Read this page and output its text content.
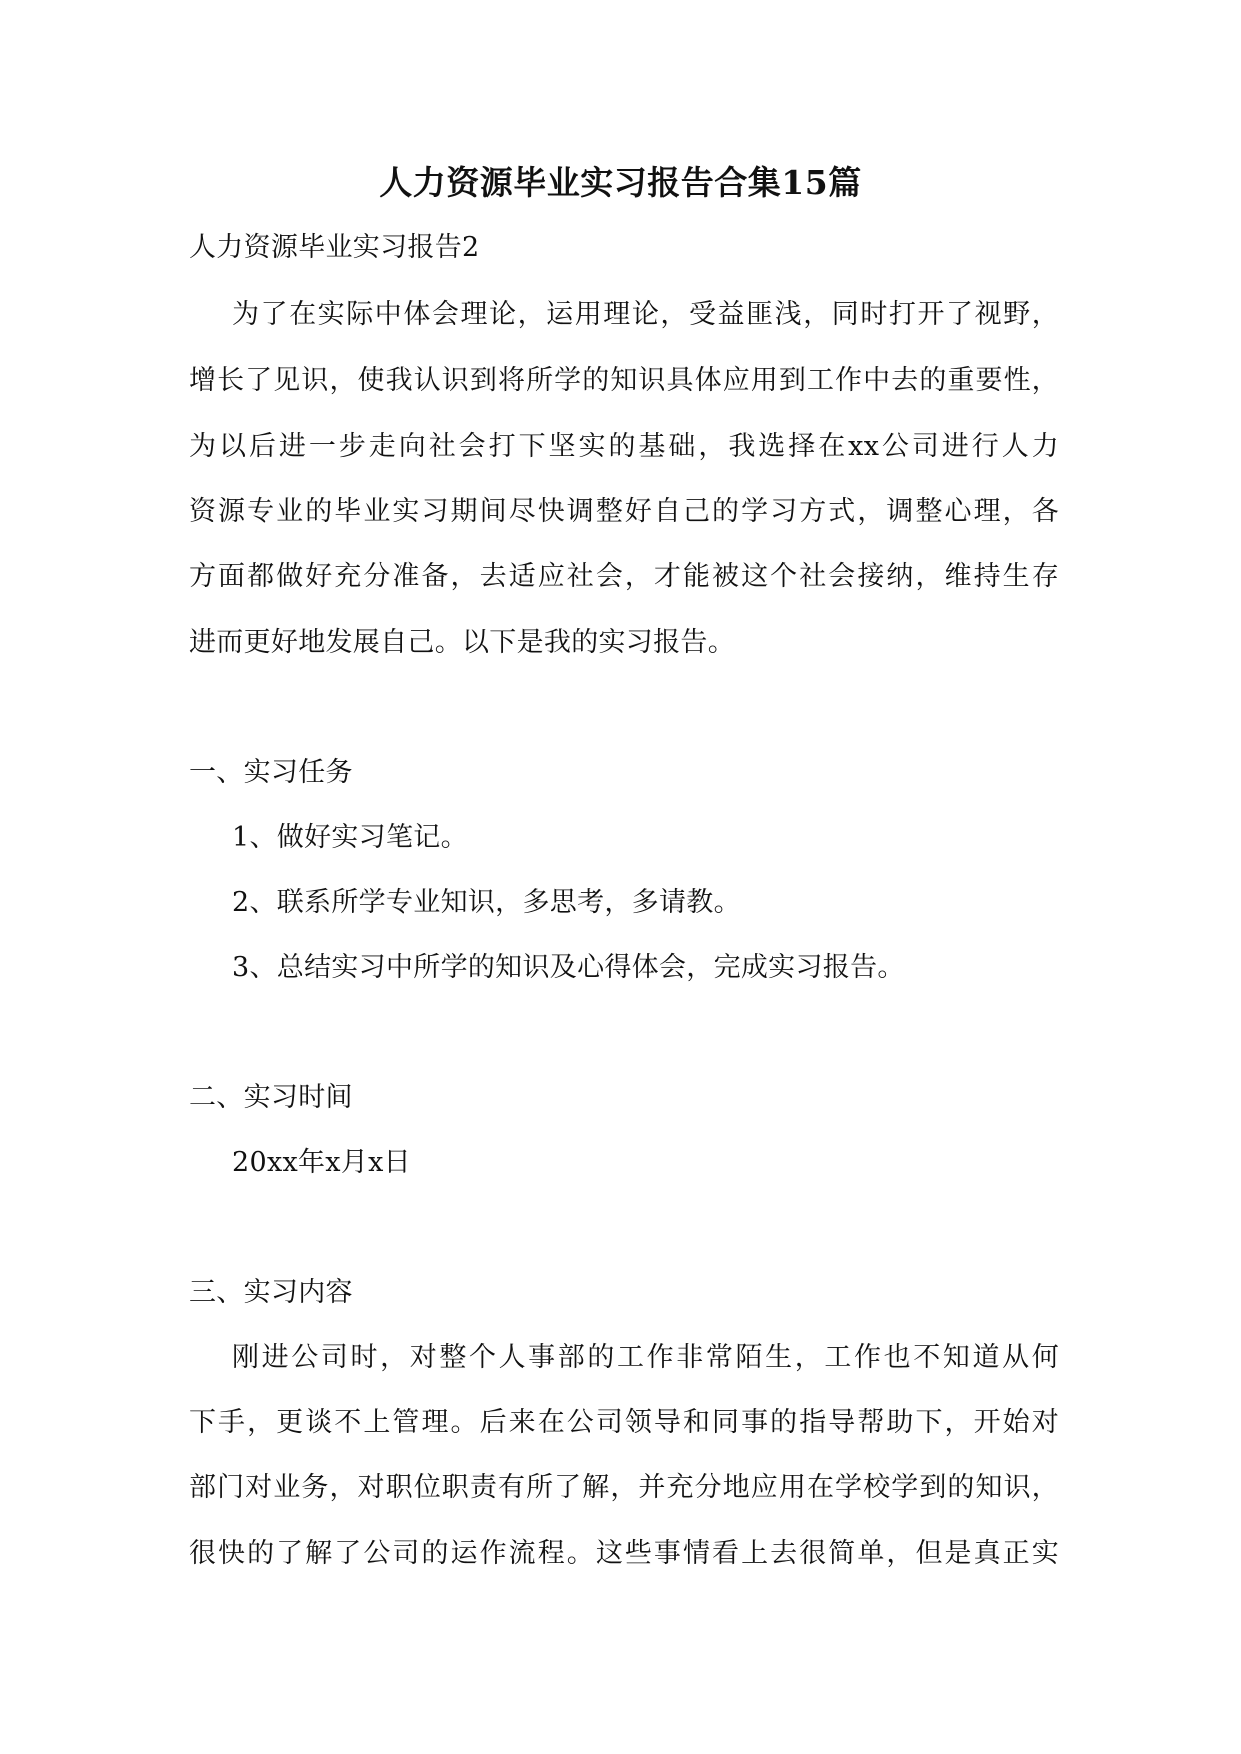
人力资源毕业实习报告合集15篇
人力资源毕业实习报告2
为了在实际中体会理论，运用理论，受益匪浅，同时打开了视野，
增长了见识，使我认识到将所学的知识具体应用到工作中去的重要性，
为以后进一步走向社会打下坚实的基础，我选择在xx公司进行人力
资源专业的毕业实习期间尽快调整好自己的学习方式，调整心理，各
方面都做好充分准备，去适应社会，才能被这个社会接纳，维持生存
进而更好地发展自己。以下是我的实习报告。
一、实习任务
1、做好实习笔记。
2、联系所学专业知识，多思考，多请教。
3、总结实习中所学的知识及心得体会，完成实习报告。
二、实习时间
20xx年x月x日
三、实习内容
刚进公司时，对整个人事部的工作非常陌生，工作也不知道从何
下手，更谈不上管理。后来在公司领导和同事的指导帮助下，开始对
部门对业务，对职位职责有所了解，并充分地应用在学校学到的知识，
很快的了解了公司的运作流程。这些事情看上去很简单，但是真正实
